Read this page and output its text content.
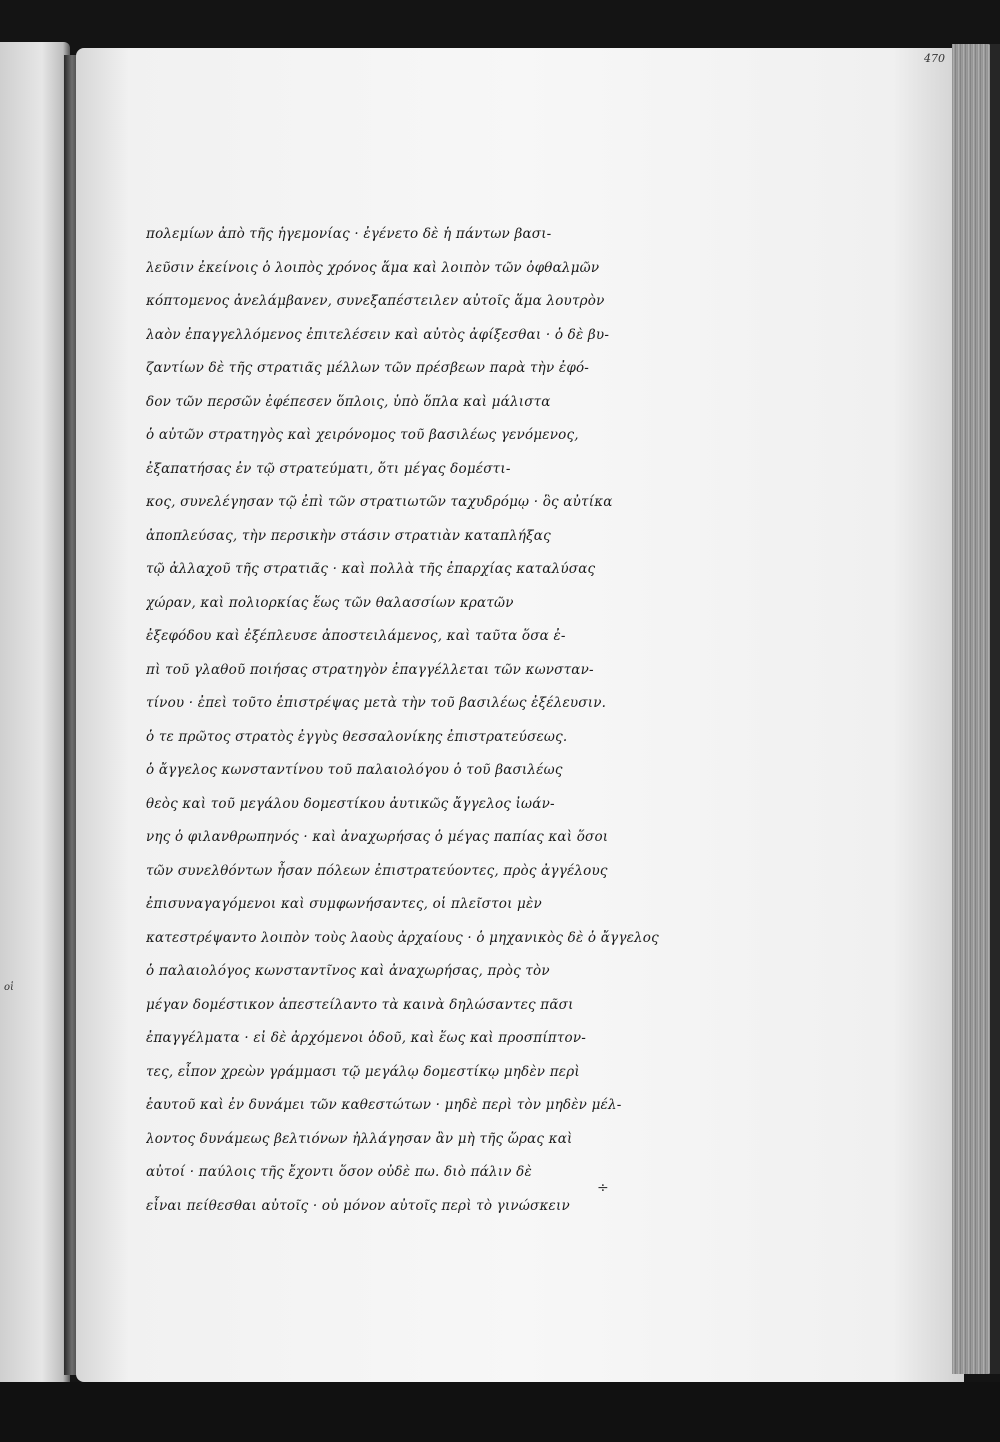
οἱ
470
πολεμίων ἀπὸ τῆς ἡγεμονίας · ἐγένετο δὲ ἡ πάντων βασι-
λεῦσιν ἐκείνοις ὁ λοιπὸς χρόνος ἅμα καὶ λοιπὸν τῶν ὀφθαλμῶν
κόπτομενος ἀνελάμβανεν, συνεξαπέστειλεν αὐτοῖς ἅμα λουτρὸν
λαὸν ἐπαγγελλόμενος ἐπιτελέσειν καὶ αὐτὸς ἀφίξεσθαι · ὁ δὲ βυ-
ζαντίων δὲ τῆς στρατιᾶς μέλλων τῶν πρέσβεων παρὰ τὴν ἐφό-
δον τῶν περσῶν ἐφέπεσεν ὅπλοις, ὑπὸ ὅπλα καὶ μάλιστα
ὁ αὐτῶν στρατηγὸς καὶ χειρόνομος τοῦ βασιλέως γενόμενος,
ἐξαπατήσας ἐν τῷ στρατεύματι, ὅτι μέγας δομέστι-
κος, συνελέγησαν τῷ ἐπὶ τῶν στρατιωτῶν ταχυδρόμῳ · ὃς αὐτίκα
ἀποπλεύσας, τὴν περσικὴν στάσιν στρατιὰν καταπλήξας
τῷ ἀλλαχοῦ τῆς στρατιᾶς · καὶ πολλὰ τῆς ἐπαρχίας καταλύσας
χώραν, καὶ πολιορκίας ἕως τῶν θαλασσίων κρατῶν
ἐξεφόδου καὶ ἐξέπλευσε ἀποστειλάμενος, καὶ ταῦτα ὅσα ἐ-
πὶ τοῦ γλαθοῦ ποιήσας στρατηγὸν ἐπαγγέλλεται τῶν κωνσταν-
τίνου · ἐπεὶ τοῦτο ἐπιστρέψας μετὰ τὴν τοῦ βασιλέως ἐξέλευσιν.
ὁ τε πρῶτος στρατὸς ἐγγὺς θεσσαλονίκης ἐπιστρατεύσεως.
ὁ ἄγγελος κωνσταντίνου τοῦ παλαιολόγου ὁ τοῦ βασιλέως
θεὸς καὶ τοῦ μεγάλου δομεστίκου ἀυτικῶς ἄγγελος ἰωάν-
νης ὁ φιλανθρωπηνός · καὶ ἀναχωρήσας ὁ μέγας παπίας καὶ ὅσοι
τῶν συνελθόντων ἦσαν πόλεων ἐπιστρατεύοντες, πρὸς ἀγγέλους
ἐπισυναγαγόμενοι καὶ συμφωνήσαντες, οἱ πλεῖστοι μὲν
κατεστρέψαντο λοιπὸν τοὺς λαοὺς ἀρχαίους · ὁ μηχανικὸς δὲ ὁ ἄγγελος
ὁ παλαιολόγος κωνσταντῖνος καὶ ἀναχωρήσας, πρὸς τὸν
μέγαν δομέστικον ἀπεστείλαντο τὰ καινὰ δηλώσαντες πᾶσι
ἐπαγγέλματα · εἰ δὲ ἀρχόμενοι ὁδοῦ, καὶ ἕως καὶ προσπίπτον-
τες, εἶπον χρεὼν γράμμασι τῷ μεγάλῳ δομεστίκῳ μηδὲν περὶ
ἑαυτοῦ καὶ ἐν δυνάμει τῶν καθεστώτων · μηδὲ περὶ τὸν μηδὲν μέλ-
λοντος δυνάμεως βελτιόνων ἠλλάγησαν ἂν μὴ τῆς ὥρας καὶ
αὐτοί · παύλοις τῆς ἔχοντι ὅσον οὐδὲ πω. διὸ πάλιν δὲ
εἶναι πείθεσθαι αὐτοῖς · οὐ μόνον αὐτοῖς περὶ τὸ γινώσκειν
÷
